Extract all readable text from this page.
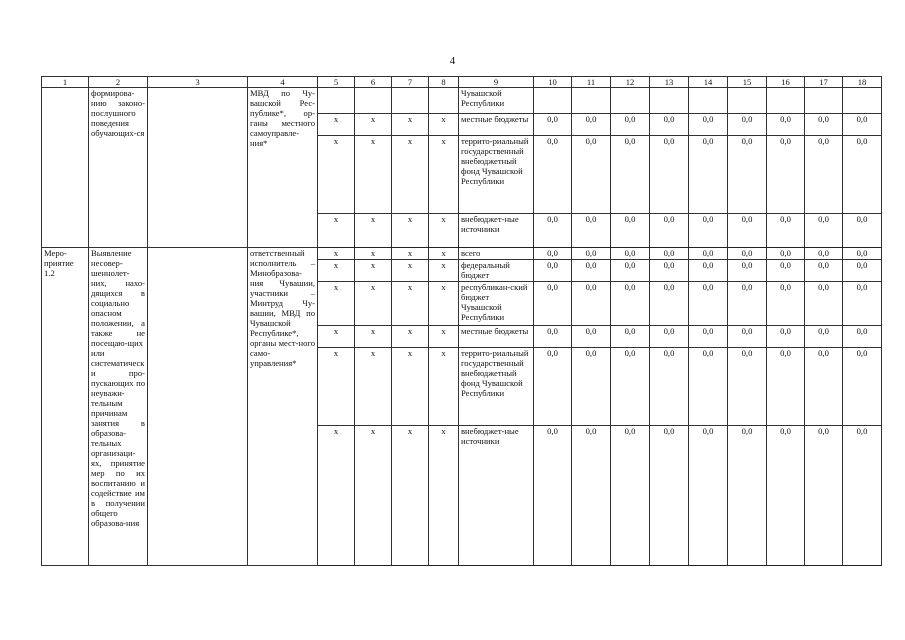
4
1	2	3	4	5	6	7	8	9	10	11	12	13	14	15	16	17	18
	формирова-нию законо-послушного поведения обучающих-ся		МВД по Чу-вашской Рес-публике*, ор-ганы местного самоуправле-ния*					Чувашской Республики									
				x	x	x	x	местные бюджеты	0,0	0,0	0,0	0,0	0,0	0,0	0,0	0,0	0,0
				x	x	x	x	террито-риальный государственный внебюджетный фонд Чувашской Республики	0,0	0,0	0,0	0,0	0,0	0,0	0,0	0,0	0,0
				x	x	x	x	внебюджет-ные источники	0,0	0,0	0,0	0,0	0,0	0,0	0,0	0,0	0,0
Меро-приятие 1.2	Выявление несовер-шеннолет-них, нахо-дящихся в социально опасном положении, а также не посещаю-щих или систематически про-пускающих по неуважи-тельным причинам занятия в образова-тельных организаци-ях, принятие мер по их воспитанию и содействие им в получении общего образова-ния		ответственный исполнитель – Минобразова-ния Чувашии, участники – Минтруд Чу-вашии, МВД по Чувашской Республике*, органы мест-ного само-управления*	x	x	x	x	всего	0,0	0,0	0,0	0,0	0,0	0,0	0,0	0,0	0,0
				x	x	x	x	федеральный бюджет	0,0	0,0	0,0	0,0	0,0	0,0	0,0	0,0	0,0
				x	x	x	x	республикан-ский бюджет Чувашской Республики	0,0	0,0	0,0	0,0	0,0	0,0	0,0	0,0	0,0
				x	x	x	x	местные бюджеты	0,0	0,0	0,0	0,0	0,0	0,0	0,0	0,0	0,0
				x	x	x	x	террито-риальный государственный внебюджетный фонд Чувашской Республики	0,0	0,0	0,0	0,0	0,0	0,0	0,0	0,0	0,0
				x	x	x	x	внебюджет-ные источники	0,0	0,0	0,0	0,0	0,0	0,0	0,0	0,0	0,0
